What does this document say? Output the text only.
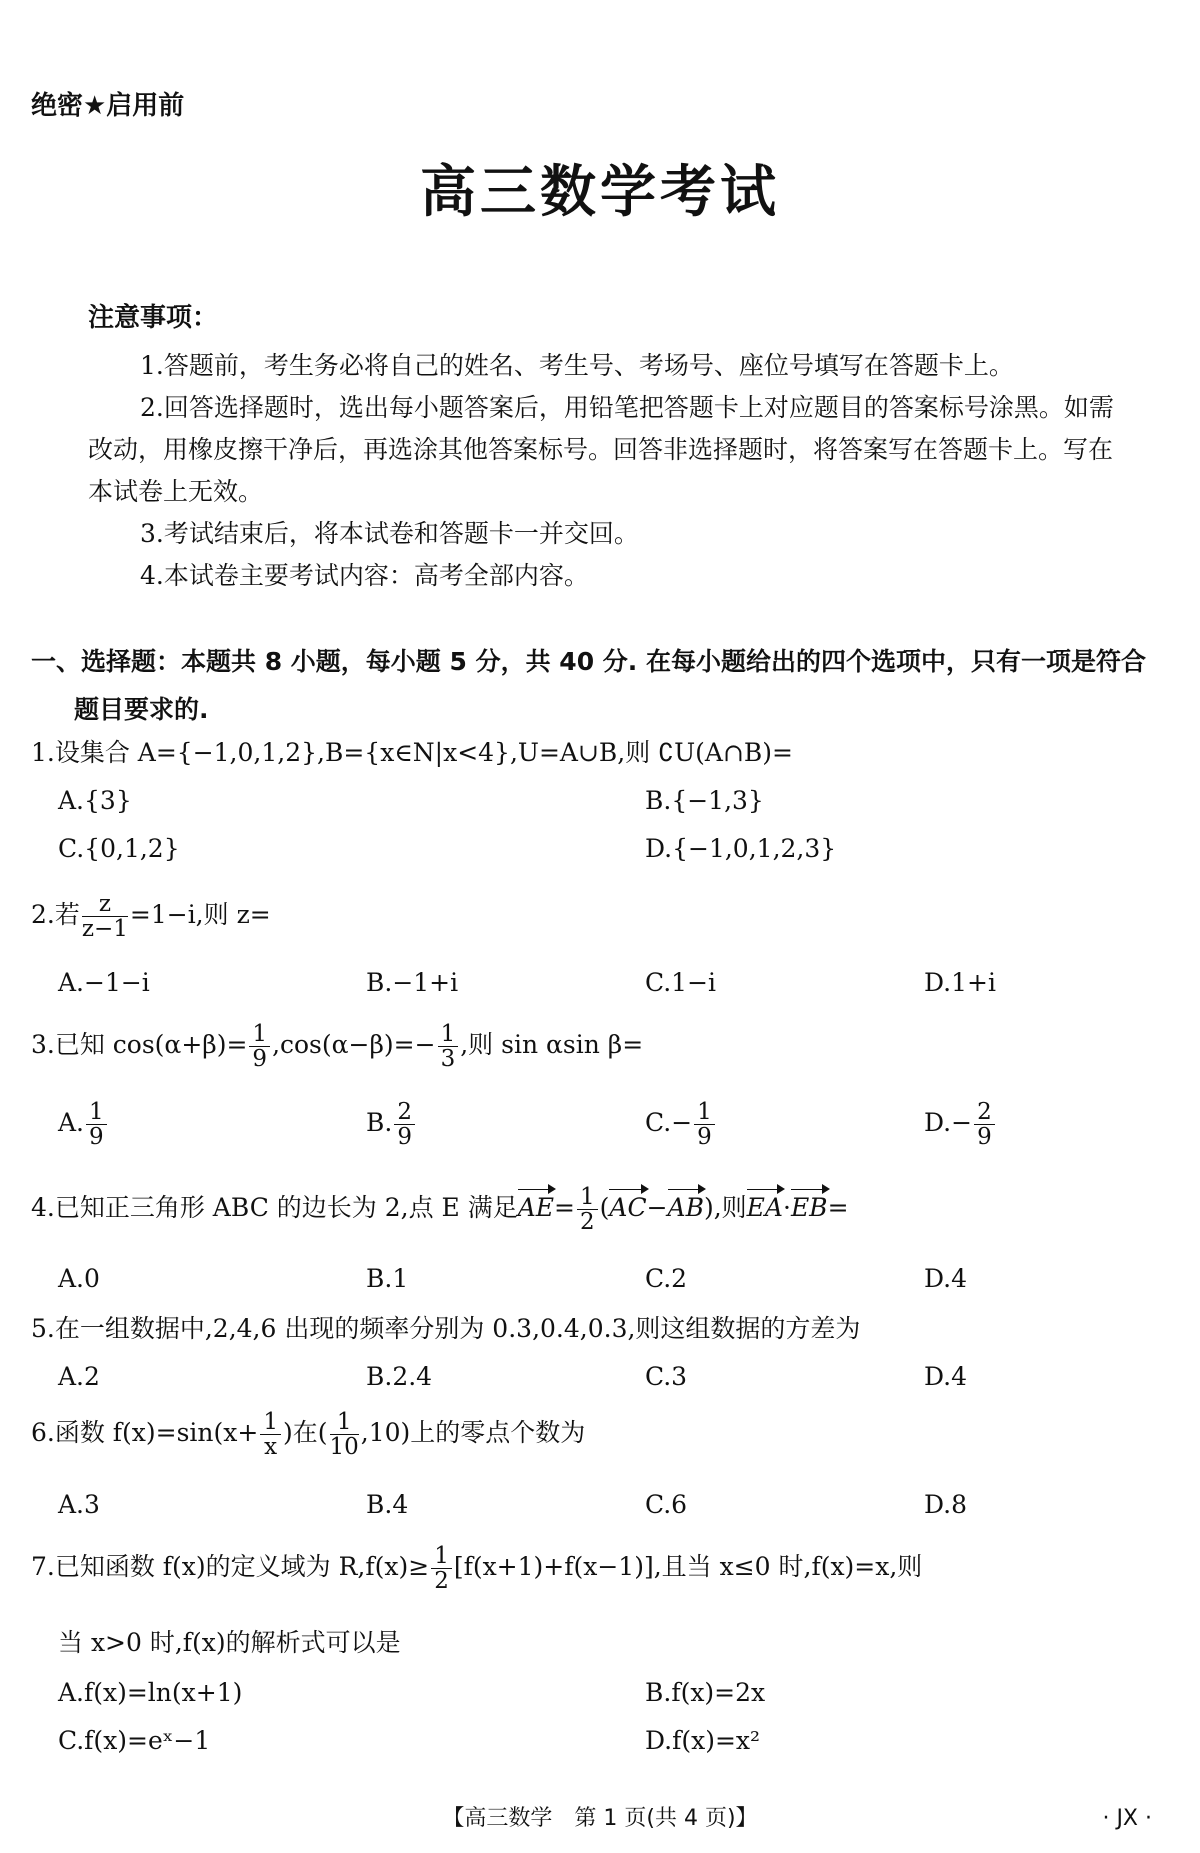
绝密★启用前
高三数学考试
注意事项：

1.答题前，考生务必将自己的姓名、考生号、考场号、座位号填写在答题卡上。

2.回答选择题时，选出每小题答案后，用铅笔把答题卡上对应题目的答案标号涂黑。如需改动，用橡皮擦干净后，再选涂其他答案标号。回答非选择题时，将答案写在答题卡上。写在本试卷上无效。

3.考试结束后，将本试卷和答题卡一并交回。

4.本试卷主要考试内容：高考全部内容。

一、选择题：本题共 8 小题，每小题 5 分，共 40 分. 在每小题给出的四个选项中，只有一项是符合
题目要求的.
1.设集合 A={−1,0,1,2},B={x∈N|x<4},U=A∪B,则 ∁U(A∩B)=
A.{3}	B.{−1,3}
C.{0,1,2}	D.{−1,0,1,2,3}
2.若 $\frac{z}{z-1} =1-i$,则 z=
A.−1−i	B.−1+i	C.1−i	D.1+i
3.已知 $\cos(\alpha+\beta)= \frac{1}{9} ,\cos(\alpha-\beta)=- \frac{1}{3}$ ,则 sin αsin β=
A. $\frac{1}{9}$	B. $\frac{2}{9}$	$C.- \frac{1}{9}$	$D.- \frac{2}{9}$
4.已知正三角形 ABC 的边长为 2,点 E 满足$AE= \frac{1}{2} (AC-AB)$,则EA·EB=
A.0	B.1	C.2	D.4
5.在一组数据中,2,4,6 出现的频率分别为 0.3,0.4,0.3,则这组数据的方差为
A.2	B.2.4	C.3	D.4
6.函数 $f(x)=\sin(x+ \frac{1}{x}$ )在( $\frac{1}{10} ,10$)上的零点个数为
A.3	B.4	C.6	D.8
7.已知函数 f(x)的定义域为 $R,f(x)\ge \frac{1}{2} [f(x+1)+f(x-1)]$,且当 x≤0 时,f(x)=x,则
当 x>0 时,f(x)的解析式可以是
A.f(x)=ln(x+1)	B.f(x)=2x
C.f(x)=eˣ−1	D.f(x)=x²
【高三数学　第 1 页(共 4 页)】	· JX ·
